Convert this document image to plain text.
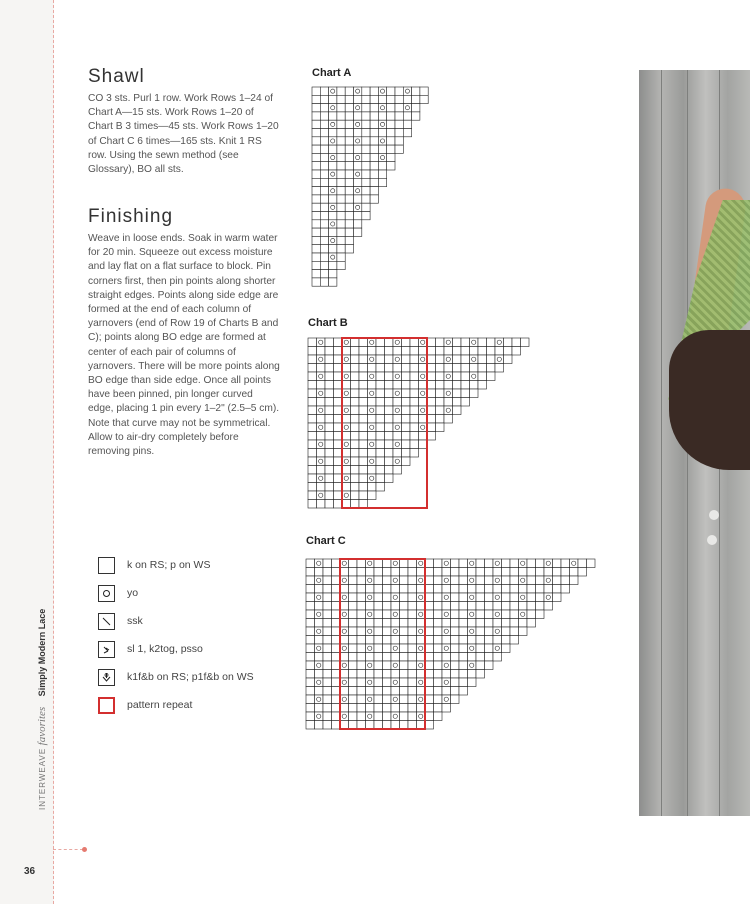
INTERWEAVE favorites Simply Modern Lace
36
Shawl

CO 3 sts. Purl 1 row. Work Rows 1–24 of Chart A—15 sts. Work Rows 1–20 of Chart B 3 times—45 sts. Work Rows 1–20 of Chart C 6 times—165 sts. Knit 1 RS row. Using the sewn method (see Glossary), BO all sts.

Finishing

Weave in loose ends. Soak in warm water for 20 min. Squeeze out excess moisture and lay flat on a flat surface to block. Pin corners first, then pin points along shorter straight edges. Points along side edge are formed at the end of each column of yarnovers (end of Row 19 of Charts B and C); points along BO edge are formed at center of each pair of columns of yarnovers. There will be more points along BO edge than side edge. Once all points have been pinned, pin longer curved edge, placing 1 pin every 1–2" (2.5–5 cm). Note that curve may not be symmetrical. Allow to air-dry completely before removing pins.

k on RS; p on WS
yo
ssk
sl 1, k2tog, psso
k1f&b on RS; p1f&b on WS
pattern repeat
Chart A
Chart B
Chart C
